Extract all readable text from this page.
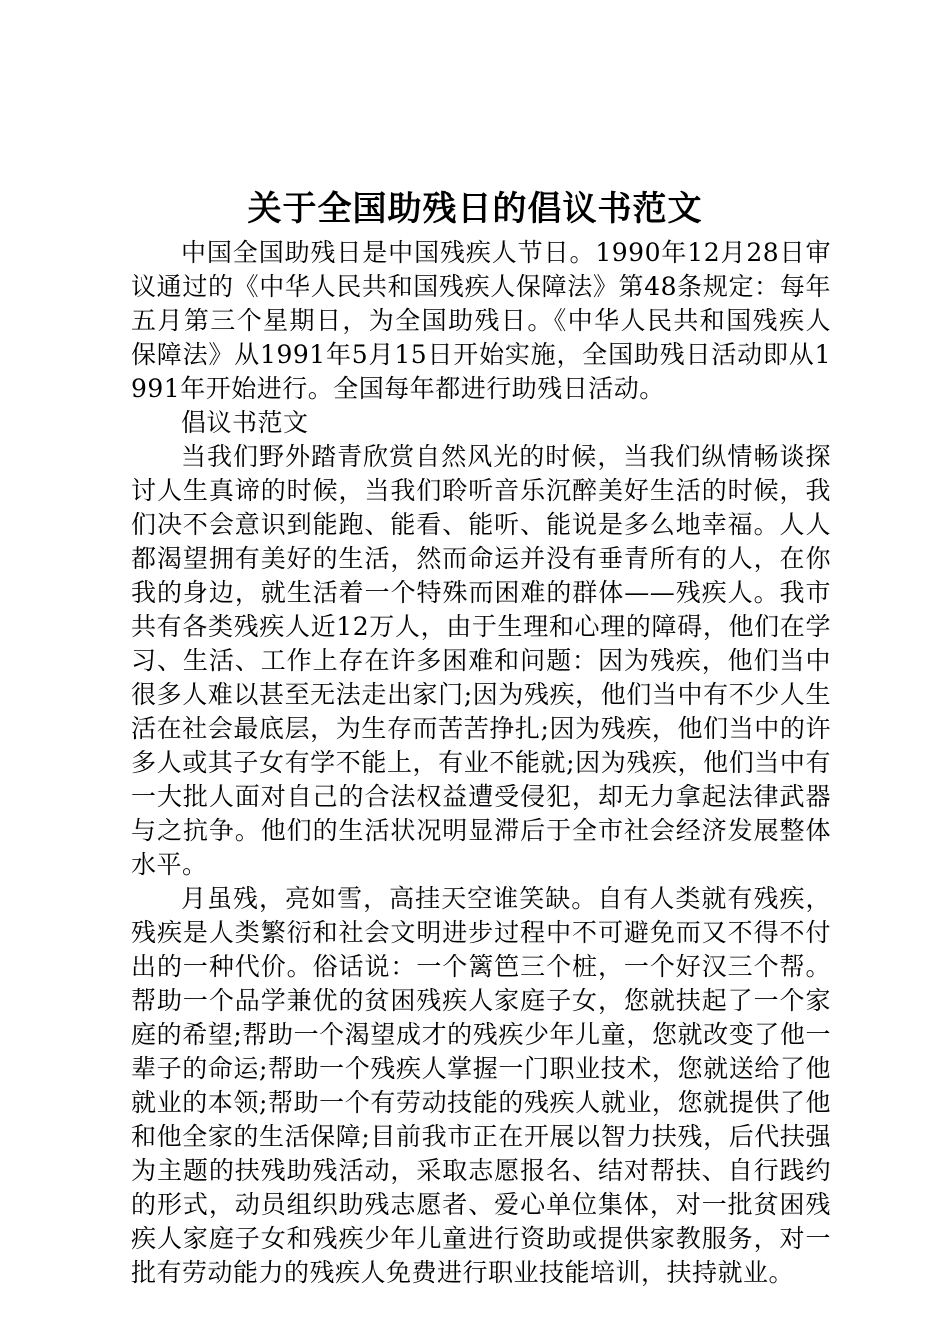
关于全国助残日的倡议书范文

中国全国助残日是中国残疾人节日。1990年12月28日审议通过的《中华人民共和国残疾人保障法》第48条规定：每年五月第三个星期日，为全国助残日。《中华人民共和国残疾人保障法》从1991年5月15日开始实施，全国助残日活动即从1991年开始进行。全国每年都进行助残日活动。

倡议书范文

当我们野外踏青欣赏自然风光的时候，当我们纵情畅谈探讨人生真谛的时候，当我们聆听音乐沉醉美好生活的时候，我们决不会意识到能跑、能看、能听、能说是多么地幸福。人人都渴望拥有美好的生活，然而命运并没有垂青所有的人，在你我的身边，就生活着一个特殊而困难的群体——残疾人。我市共有各类残疾人近12万人，由于生理和心理的障碍，他们在学习、生活、工作上存在许多困难和问题：因为残疾，他们当中很多人难以甚至无法走出家门;因为残疾，他们当中有不少人生活在社会最底层，为生存而苦苦挣扎;因为残疾，他们当中的许多人或其子女有学不能上，有业不能就;因为残疾，他们当中有一大批人面对自己的合法权益遭受侵犯，却无力拿起法律武器与之抗争。他们的生活状况明显滞后于全市社会经济发展整体水平。

月虽残，亮如雪，高挂天空谁笑缺。自有人类就有残疾，残疾是人类繁衍和社会文明进步过程中不可避免而又不得不付出的一种代价。俗话说：一个篱笆三个桩，一个好汉三个帮。帮助一个品学兼优的贫困残疾人家庭子女，您就扶起了一个家庭的希望;帮助一个渴望成才的残疾少年儿童，您就改变了他一辈子的命运;帮助一个残疾人掌握一门职业技术，您就送给了他就业的本领;帮助一个有劳动技能的残疾人就业，您就提供了他和他全家的生活保障;目前我市正在开展以智力扶残，后代扶强为主题的扶残助残活动，采取志愿报名、结对帮扶、自行践约的形式，动员组织助残志愿者、爱心单位集体，对一批贫困残疾人家庭子女和残疾少年儿童进行资助或提供家教服务，对一批有劳动能力的残疾人免费进行职业技能培训，扶持就业。
